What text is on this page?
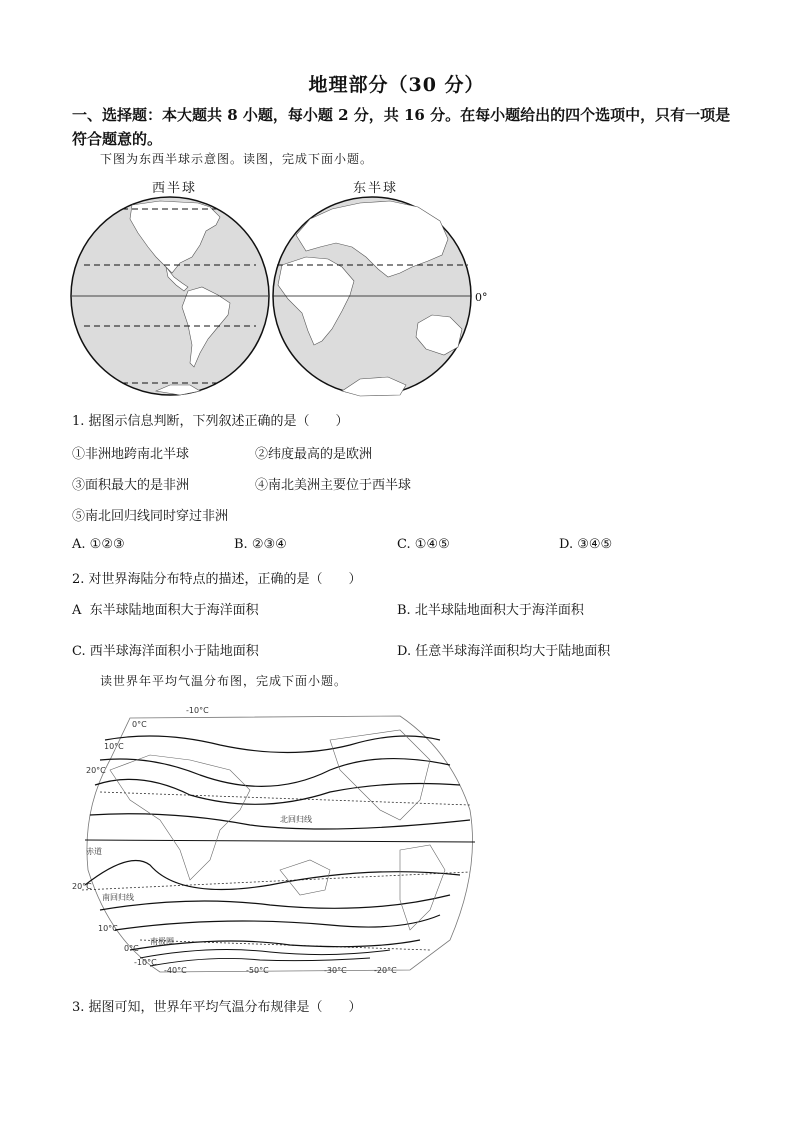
地理部分（30 分）
一、选择题：本大题共 8 小题，每小题 2 分，共 16 分。在每小题给出的四个选项中，只有一项是符合题意的。
下图为东西半球示意图。读图，完成下面小题。
西半球	东半球
0°
1. 据图示信息判断，下列叙述正确的是（　　）
①非洲地跨南北半球	②纬度最高的是欧洲
③面积最大的是非洲	④南北美洲主要位于西半球
⑤南北回归线同时穿过非洲
A. ①②③	B. ②③④	C. ①④⑤	D. ③④⑤
2. 对世界海陆分布特点的描述，正确的是（　　）
A 东半球陆地面积大于海洋面积	B. 北半球陆地面积大于海洋面积
C. 西半球海洋面积小于陆地面积	D. 任意半球海洋面积均大于陆地面积
读世界年平均气温分布图，完成下面小题。
-10°C
0°C
10°C
20°C
北回归线
赤道
20°C
南回归线
10°C
0°C
南极圈
-10°C
-40°C	-50°C	-30°C	-20°C
3. 据图可知，世界年平均气温分布规律是（　　）
